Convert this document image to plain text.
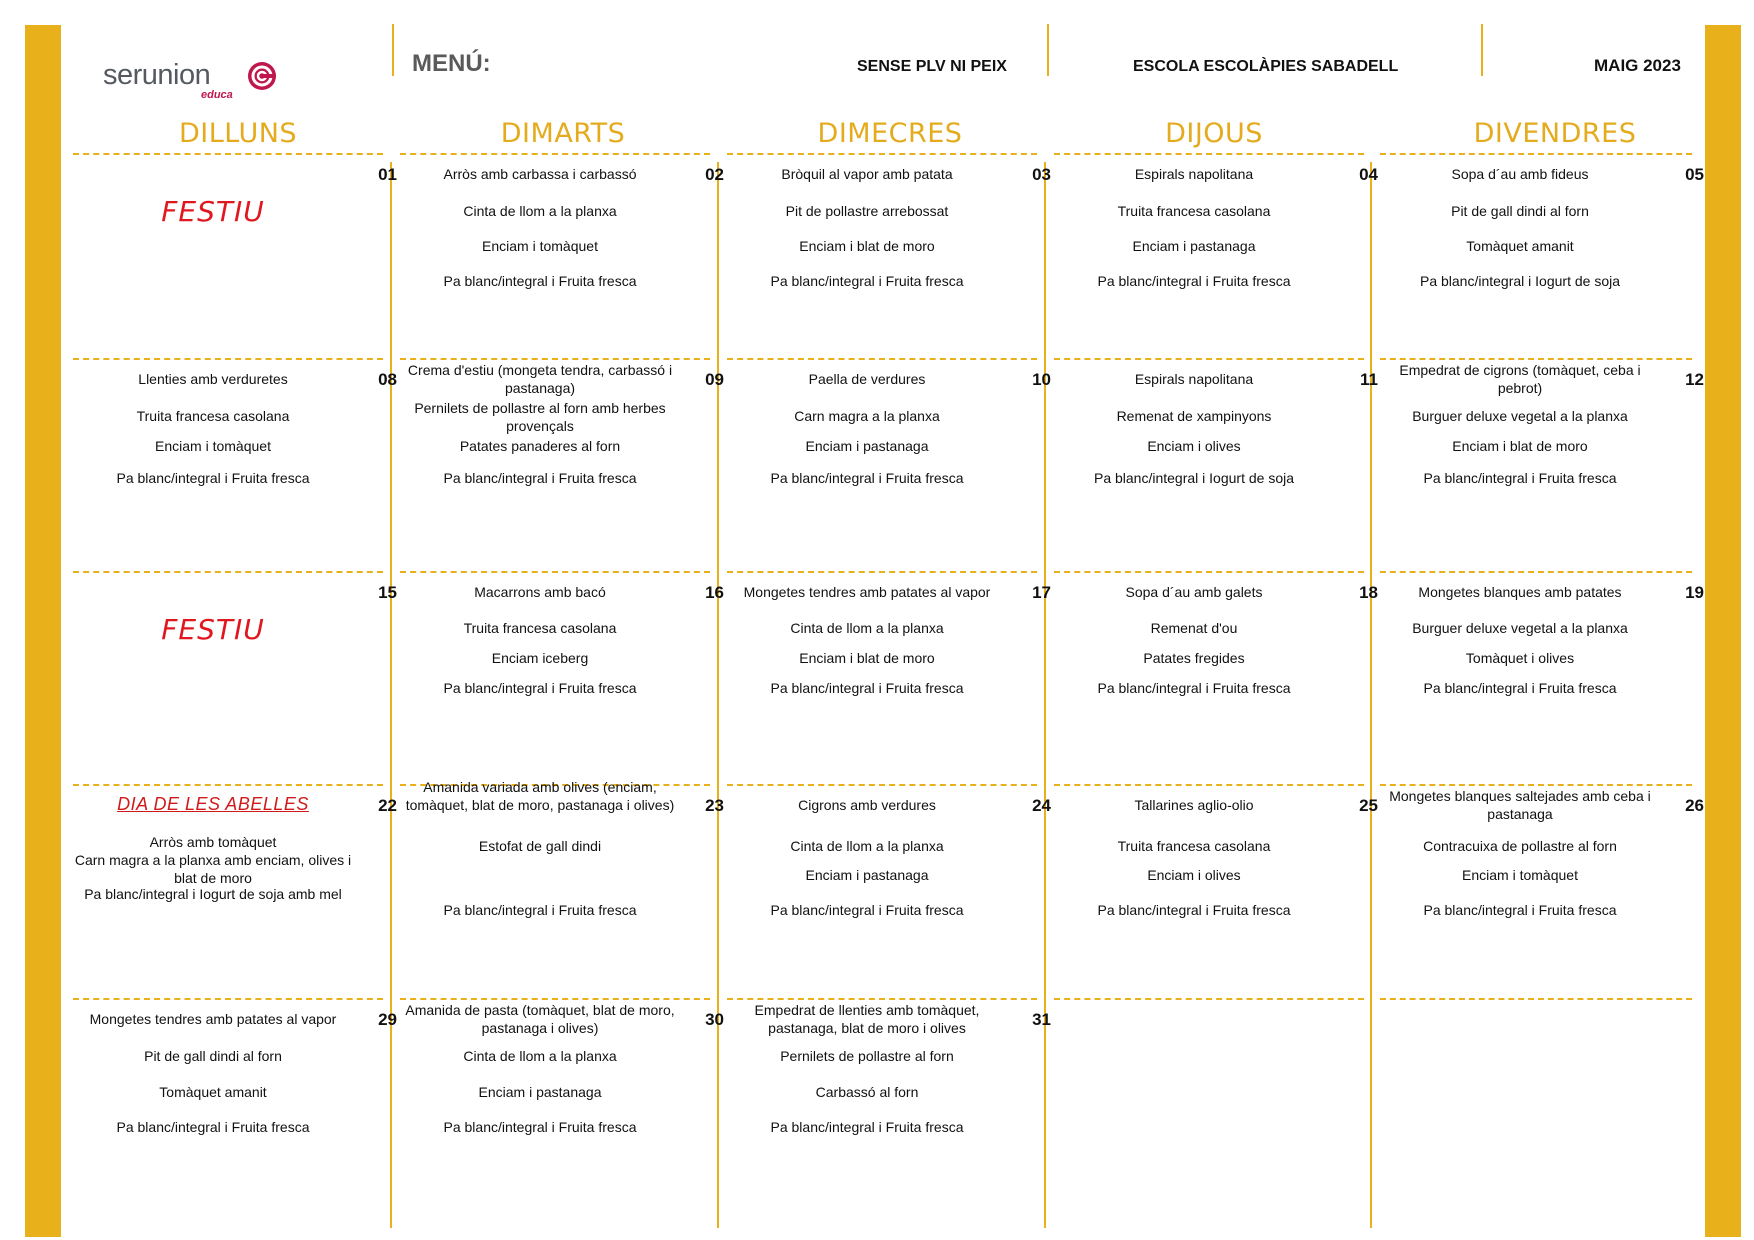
serunion
educa
MENÚ:	SENSE PLV NI PEIX	ESCOLA ESCOLÀPIES SABADELL	MAIG 2023
DILLUNS	DIMARTS	DIMECRES	DIJOUS	DIVENDRES
01
FESTIU
02
Arròs amb carbassa i carbassó
Cinta de llom a la planxa
Enciam i tomàquet
Pa blanc/integral i Fruita fresca
03
Bròquil al vapor amb patata
Pit de pollastre arrebossat
Enciam i blat de moro
Pa blanc/integral i Fruita fresca
04
Espirals napolitana
Truita francesa casolana
Enciam i pastanaga
Pa blanc/integral i Fruita fresca
05
Sopa d´au amb fideus
Pit de gall dindi al forn
Tomàquet amanit
Pa blanc/integral i Iogurt de soja
08
Llenties amb verduretes
Truita francesa casolana
Enciam i tomàquet
Pa blanc/integral i Fruita fresca
09
Crema d'estiu (mongeta tendra, carbassó i pastanaga)
Pernilets de pollastre al forn amb herbes provençals
Patates panaderes al forn
Pa blanc/integral i Fruita fresca
10
Paella de verdures
Carn magra a la planxa
Enciam i pastanaga
Pa blanc/integral i Fruita fresca
11
Espirals napolitana
Remenat de xampinyons
Enciam i olives
Pa blanc/integral i Iogurt de soja
12
Empedrat de cigrons (tomàquet, ceba i pebrot)
Burguer deluxe vegetal a la planxa
Enciam i blat de moro
Pa blanc/integral i Fruita fresca
15
FESTIU
16
Macarrons amb bacó
Truita francesa casolana
Enciam iceberg
Pa blanc/integral i Fruita fresca
17
Mongetes tendres amb patates al vapor
Cinta de llom a la planxa
Enciam i blat de moro
Pa blanc/integral i Fruita fresca
18
Sopa d´au amb galets
Remenat d'ou
Patates fregides
Pa blanc/integral i Fruita fresca
19
Mongetes blanques amb patates
Burguer deluxe vegetal a la planxa
Tomàquet i olives
Pa blanc/integral i Fruita fresca
22
DIA DE LES ABELLES
Arròs amb tomàquet
Carn magra a la planxa amb enciam, olives i blat de moro
Pa blanc/integral i Iogurt de soja amb mel
23
Amanida variada amb olives (enciam, tomàquet, blat de moro, pastanaga i olives)
Estofat de gall dindi
Pa blanc/integral i Fruita fresca
24
Cigrons amb verdures
Cinta de llom a la planxa
Enciam i pastanaga
Pa blanc/integral i Fruita fresca
25
Tallarines aglio-olio
Truita francesa casolana
Enciam i olives
Pa blanc/integral i Fruita fresca
26
Mongetes blanques saltejades amb ceba i pastanaga
Contracuixa de pollastre al forn
Enciam i tomàquet
Pa blanc/integral i Fruita fresca
29
Mongetes tendres amb patates al vapor
Pit de gall dindi al forn
Tomàquet amanit
Pa blanc/integral i Fruita fresca
30
Amanida de pasta (tomàquet, blat de moro, pastanaga i olives)
Cinta de llom a la planxa
Enciam i pastanaga
Pa blanc/integral i Fruita fresca
31
Empedrat de llenties amb tomàquet, pastanaga, blat de moro i olives
Pernilets de pollastre al forn
Carbassó al forn
Pa blanc/integral i Fruita fresca
